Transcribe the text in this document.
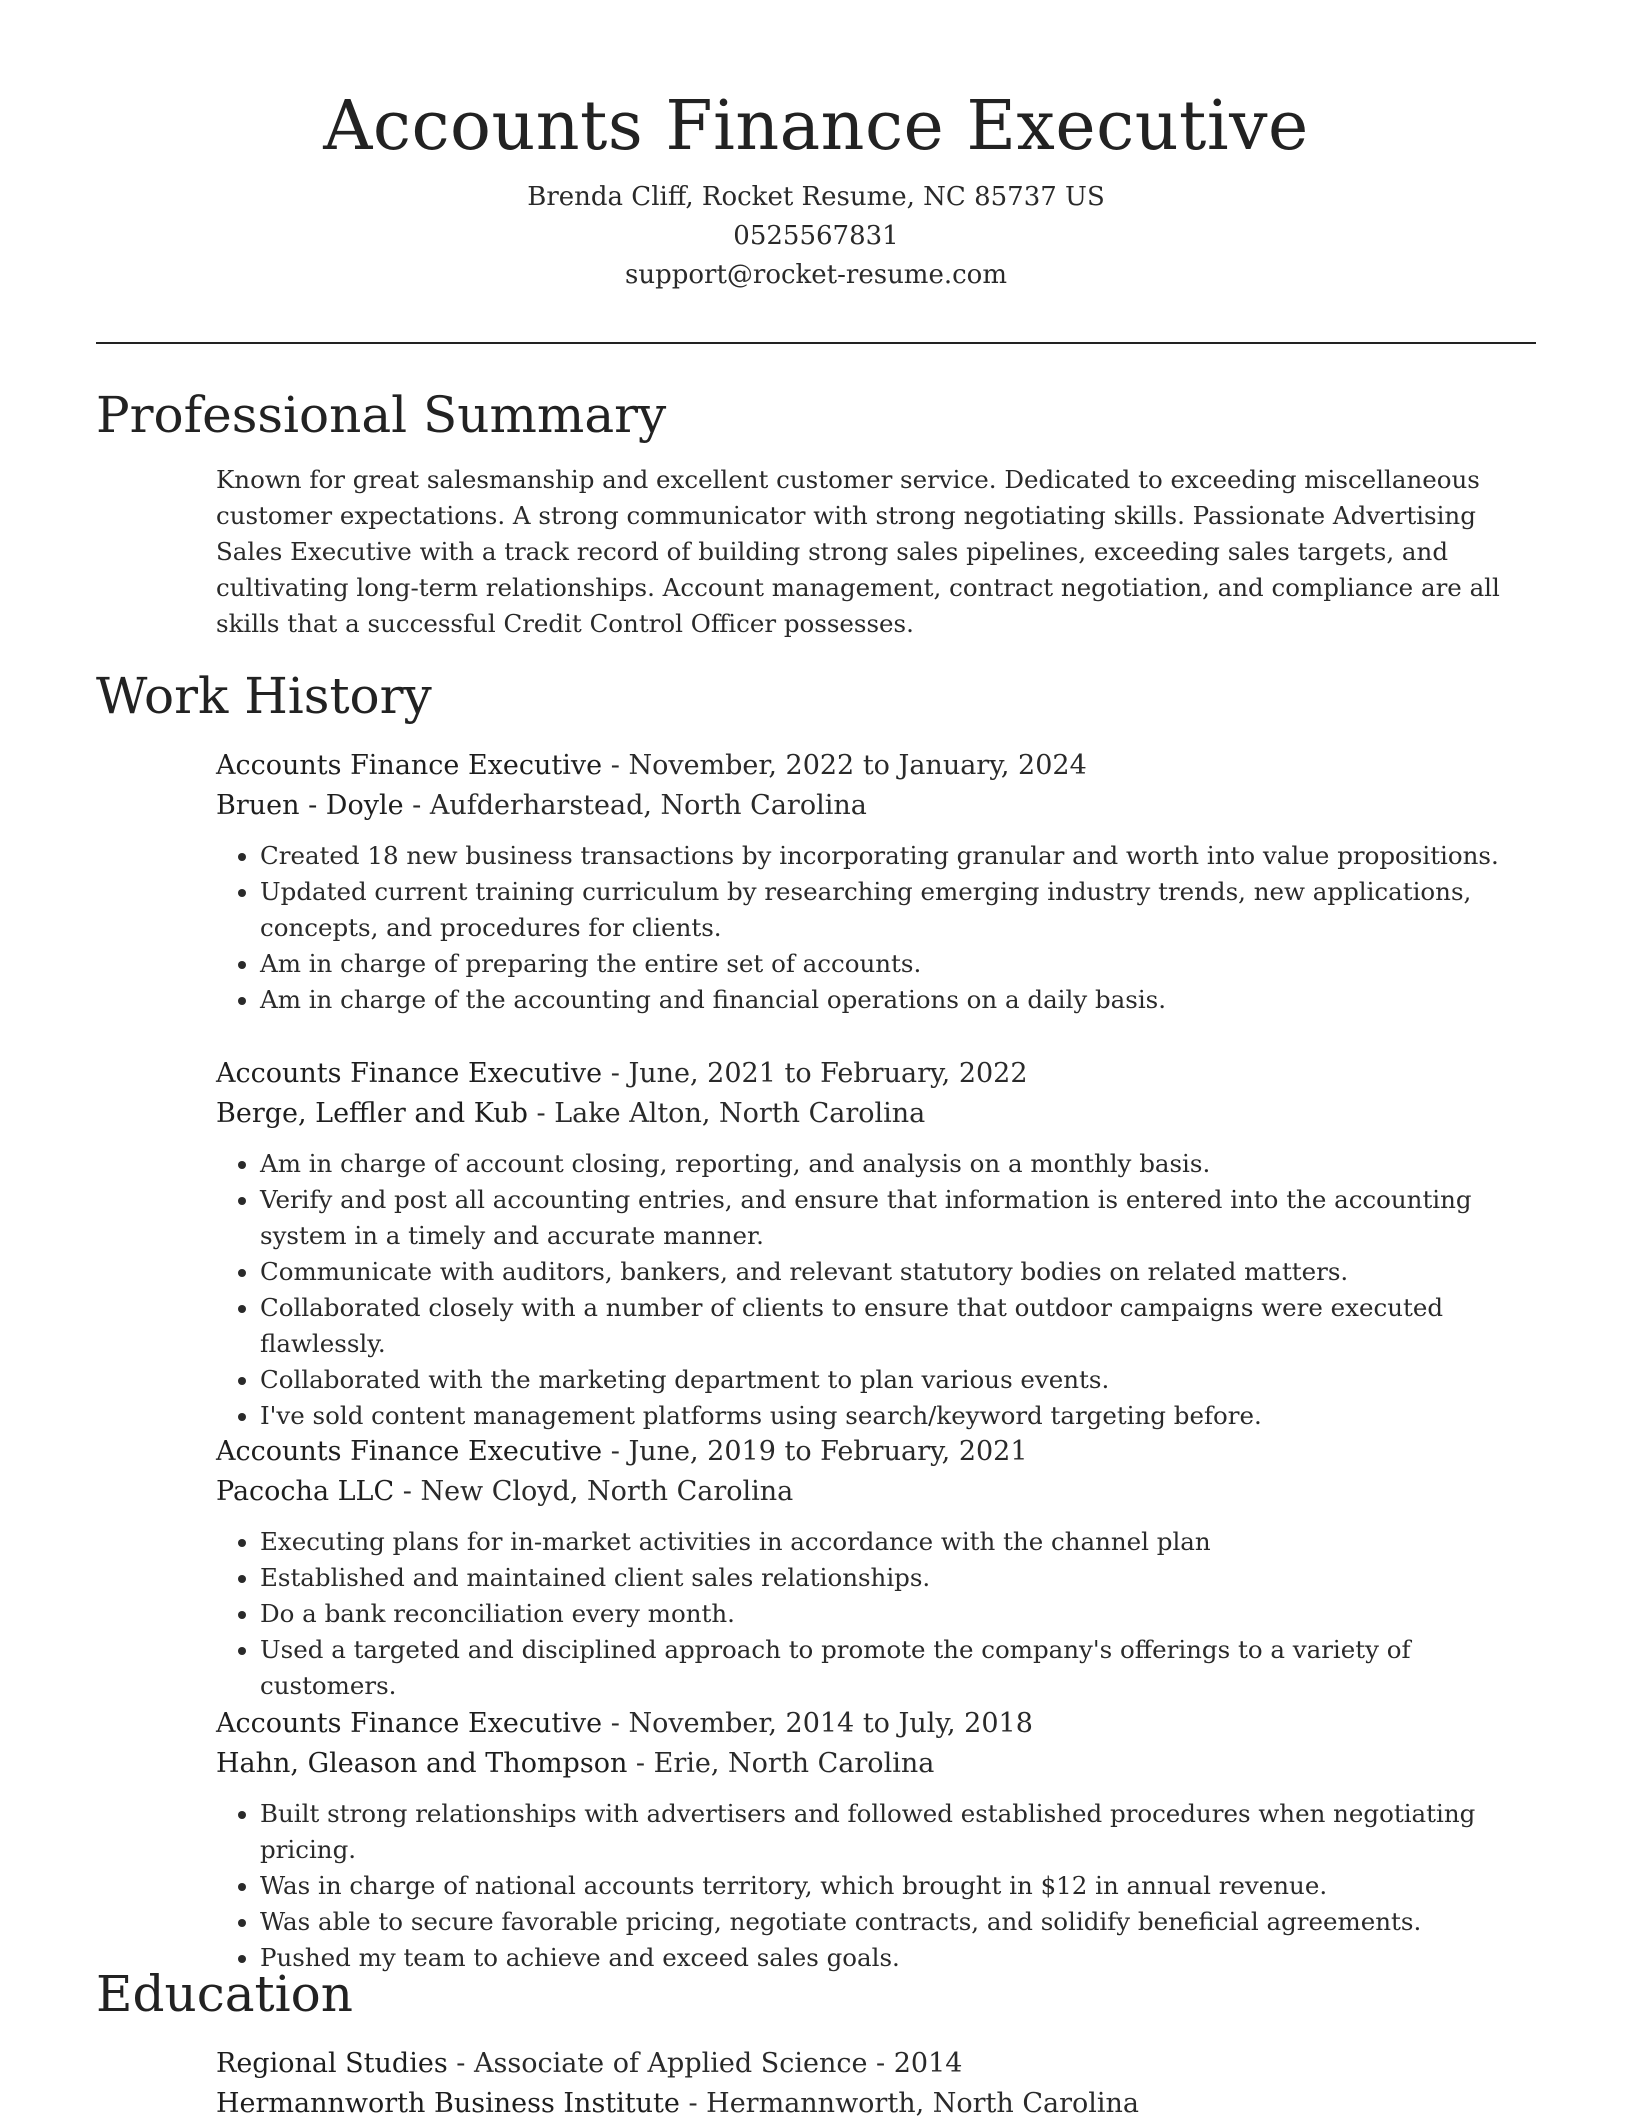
Accounts Finance Executive
Brenda Cliff, Rocket Resume, NC 85737 US
0525567831
support@rocket-resume.com
Professional Summary

Known for great salesmanship and excellent customer service. Dedicated to exceeding miscellaneous customer expectations. A strong communicator with strong negotiating skills. Passionate Advertising Sales Executive with a track record of building strong sales pipelines, exceeding sales targets, and cultivating long-term relationships. Account management, contract negotiation, and compliance are all skills that a successful Credit Control Officer possesses.

Work History
Accounts Finance Executive - November, 2022 to January, 2024
Bruen - Doyle - Aufderharstead, North Carolina
• Created 18 new business transactions by incorporating granular and worth into value propositions.
• Updated current training curriculum by researching emerging industry trends, new applications, concepts, and procedures for clients.
• Am in charge of preparing the entire set of accounts.
• Am in charge of the accounting and financial operations on a daily basis.
Accounts Finance Executive - June, 2021 to February, 2022
Berge, Leffler and Kub - Lake Alton, North Carolina
• Am in charge of account closing, reporting, and analysis on a monthly basis.
• Verify and post all accounting entries, and ensure that information is entered into the accounting system in a timely and accurate manner.
• Communicate with auditors, bankers, and relevant statutory bodies on related matters.
• Collaborated closely with a number of clients to ensure that outdoor campaigns were executed flawlessly.
• Collaborated with the marketing department to plan various events.
• I've sold content management platforms using search/keyword targeting before.
Accounts Finance Executive - June, 2019 to February, 2021
Pacocha LLC - New Cloyd, North Carolina
• Executing plans for in-market activities in accordance with the channel plan
• Established and maintained client sales relationships.
• Do a bank reconciliation every month.
• Used a targeted and disciplined approach to promote the company's offerings to a variety of customers.
Accounts Finance Executive - November, 2014 to July, 2018
Hahn, Gleason and Thompson - Erie, North Carolina
• Built strong relationships with advertisers and followed established procedures when negotiating pricing.
• Was in charge of national accounts territory, which brought in $12 in annual revenue.
• Was able to secure favorable pricing, negotiate contracts, and solidify beneficial agreements.
• Pushed my team to achieve and exceed sales goals.
Education
Regional Studies - Associate of Applied Science - 2014
Hermannworth Business Institute - Hermannworth, North Carolina
